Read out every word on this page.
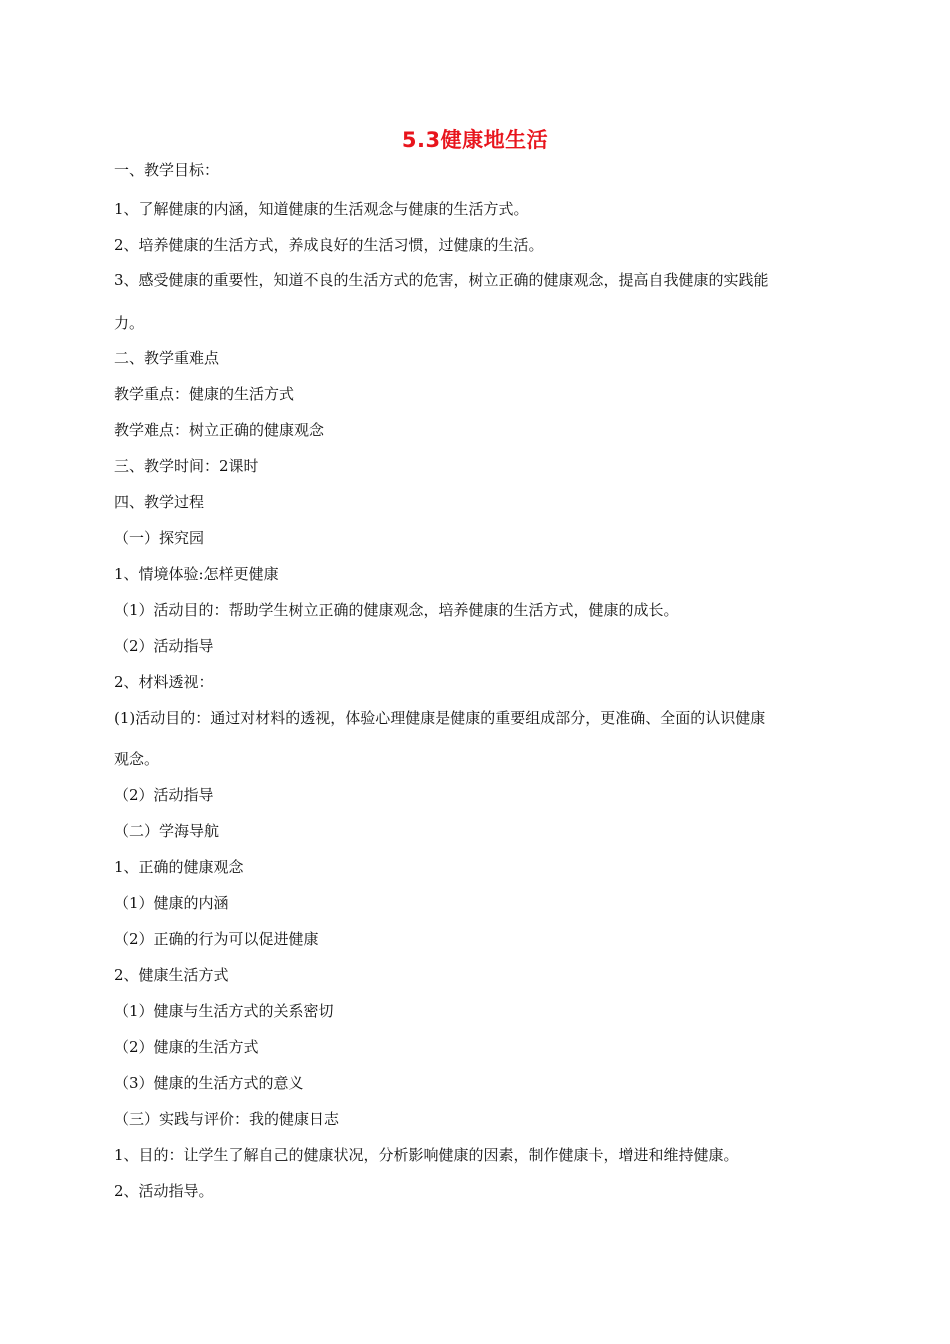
5.3健康地生活
一、教学目标：
1、了解健康的内涵，知道健康的生活观念与健康的生活方式。
2、培养健康的生活方式，养成良好的生活习惯，过健康的生活。
3、感受健康的重要性，知道不良的生活方式的危害，树立正确的健康观念，提高自我健康的实践能
力。
二、教学重难点
教学重点：健康的生活方式
教学难点：树立正确的健康观念
三、教学时间：2课时
四、教学过程
（一）探究园
1、情境体验:怎样更健康
（1）活动目的：帮助学生树立正确的健康观念，培养健康的生活方式，健康的成长。
（2）活动指导
2、材料透视：
(1)活动目的：通过对材料的透视，体验心理健康是健康的重要组成部分，更准确、全面的认识健康
观念。
（2）活动指导
（二）学海导航
1、正确的健康观念
（1）健康的内涵
（2）正确的行为可以促进健康
2、健康生活方式
（1）健康与生活方式的关系密切
（2）健康的生活方式
（3）健康的生活方式的意义
（三）实践与评价：我的健康日志
1、目的：让学生了解自己的健康状况，分析影响健康的因素，制作健康卡，增进和维持健康。
2、活动指导。
